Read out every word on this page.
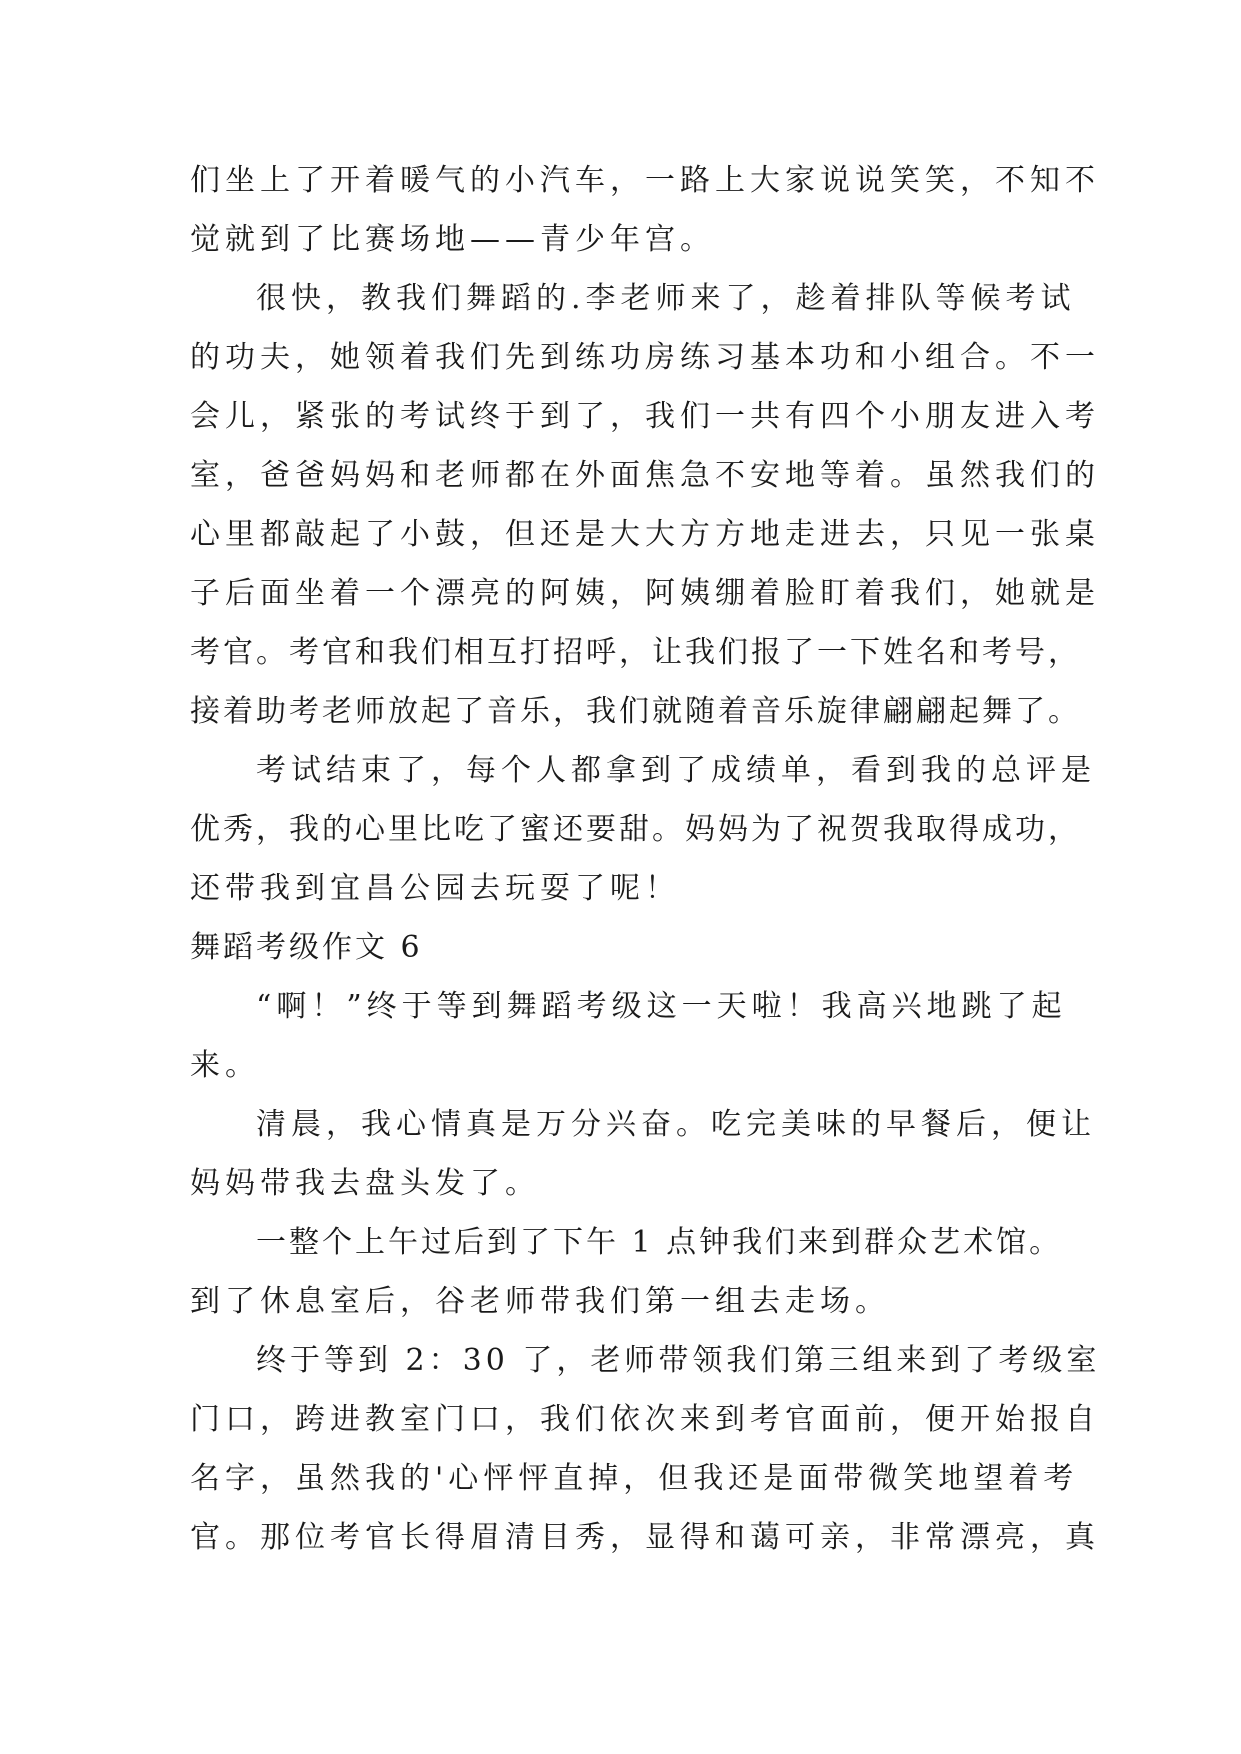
们坐上了开着暖气的小汽车，一路上大家说说笑笑，不知不
觉就到了比赛场地——青少年宫。
很快，教我们舞蹈的.李老师来了，趁着排队等候考试
的功夫，她领着我们先到练功房练习基本功和小组合。不一
会儿，紧张的考试终于到了，我们一共有四个小朋友进入考
室，爸爸妈妈和老师都在外面焦急不安地等着。虽然我们的
心里都敲起了小鼓，但还是大大方方地走进去，只见一张桌
子后面坐着一个漂亮的阿姨，阿姨绷着脸盯着我们，她就是
考官。考官和我们相互打招呼，让我们报了一下姓名和考号，
接着助考老师放起了音乐，我们就随着音乐旋律翩翩起舞了。
考试结束了，每个人都拿到了成绩单，看到我的总评是
优秀，我的心里比吃了蜜还要甜。妈妈为了祝贺我取得成功，
还带我到宜昌公园去玩耍了呢！
舞蹈考级作文 6
“啊！”终于等到舞蹈考级这一天啦！我高兴地跳了起
来。
清晨，我心情真是万分兴奋。吃完美味的早餐后，便让
妈妈带我去盘头发了。
一整个上午过后到了下午 1 点钟我们来到群众艺术馆。
到了休息室后，谷老师带我们第一组去走场。
终于等到 2：30 了，老师带领我们第三组来到了考级室
门口，跨进教室门口，我们依次来到考官面前，便开始报自
名字，虽然我的'心怦怦直掉，但我还是面带微笑地望着考
官。那位考官长得眉清目秀，显得和蔼可亲，非常漂亮，真
